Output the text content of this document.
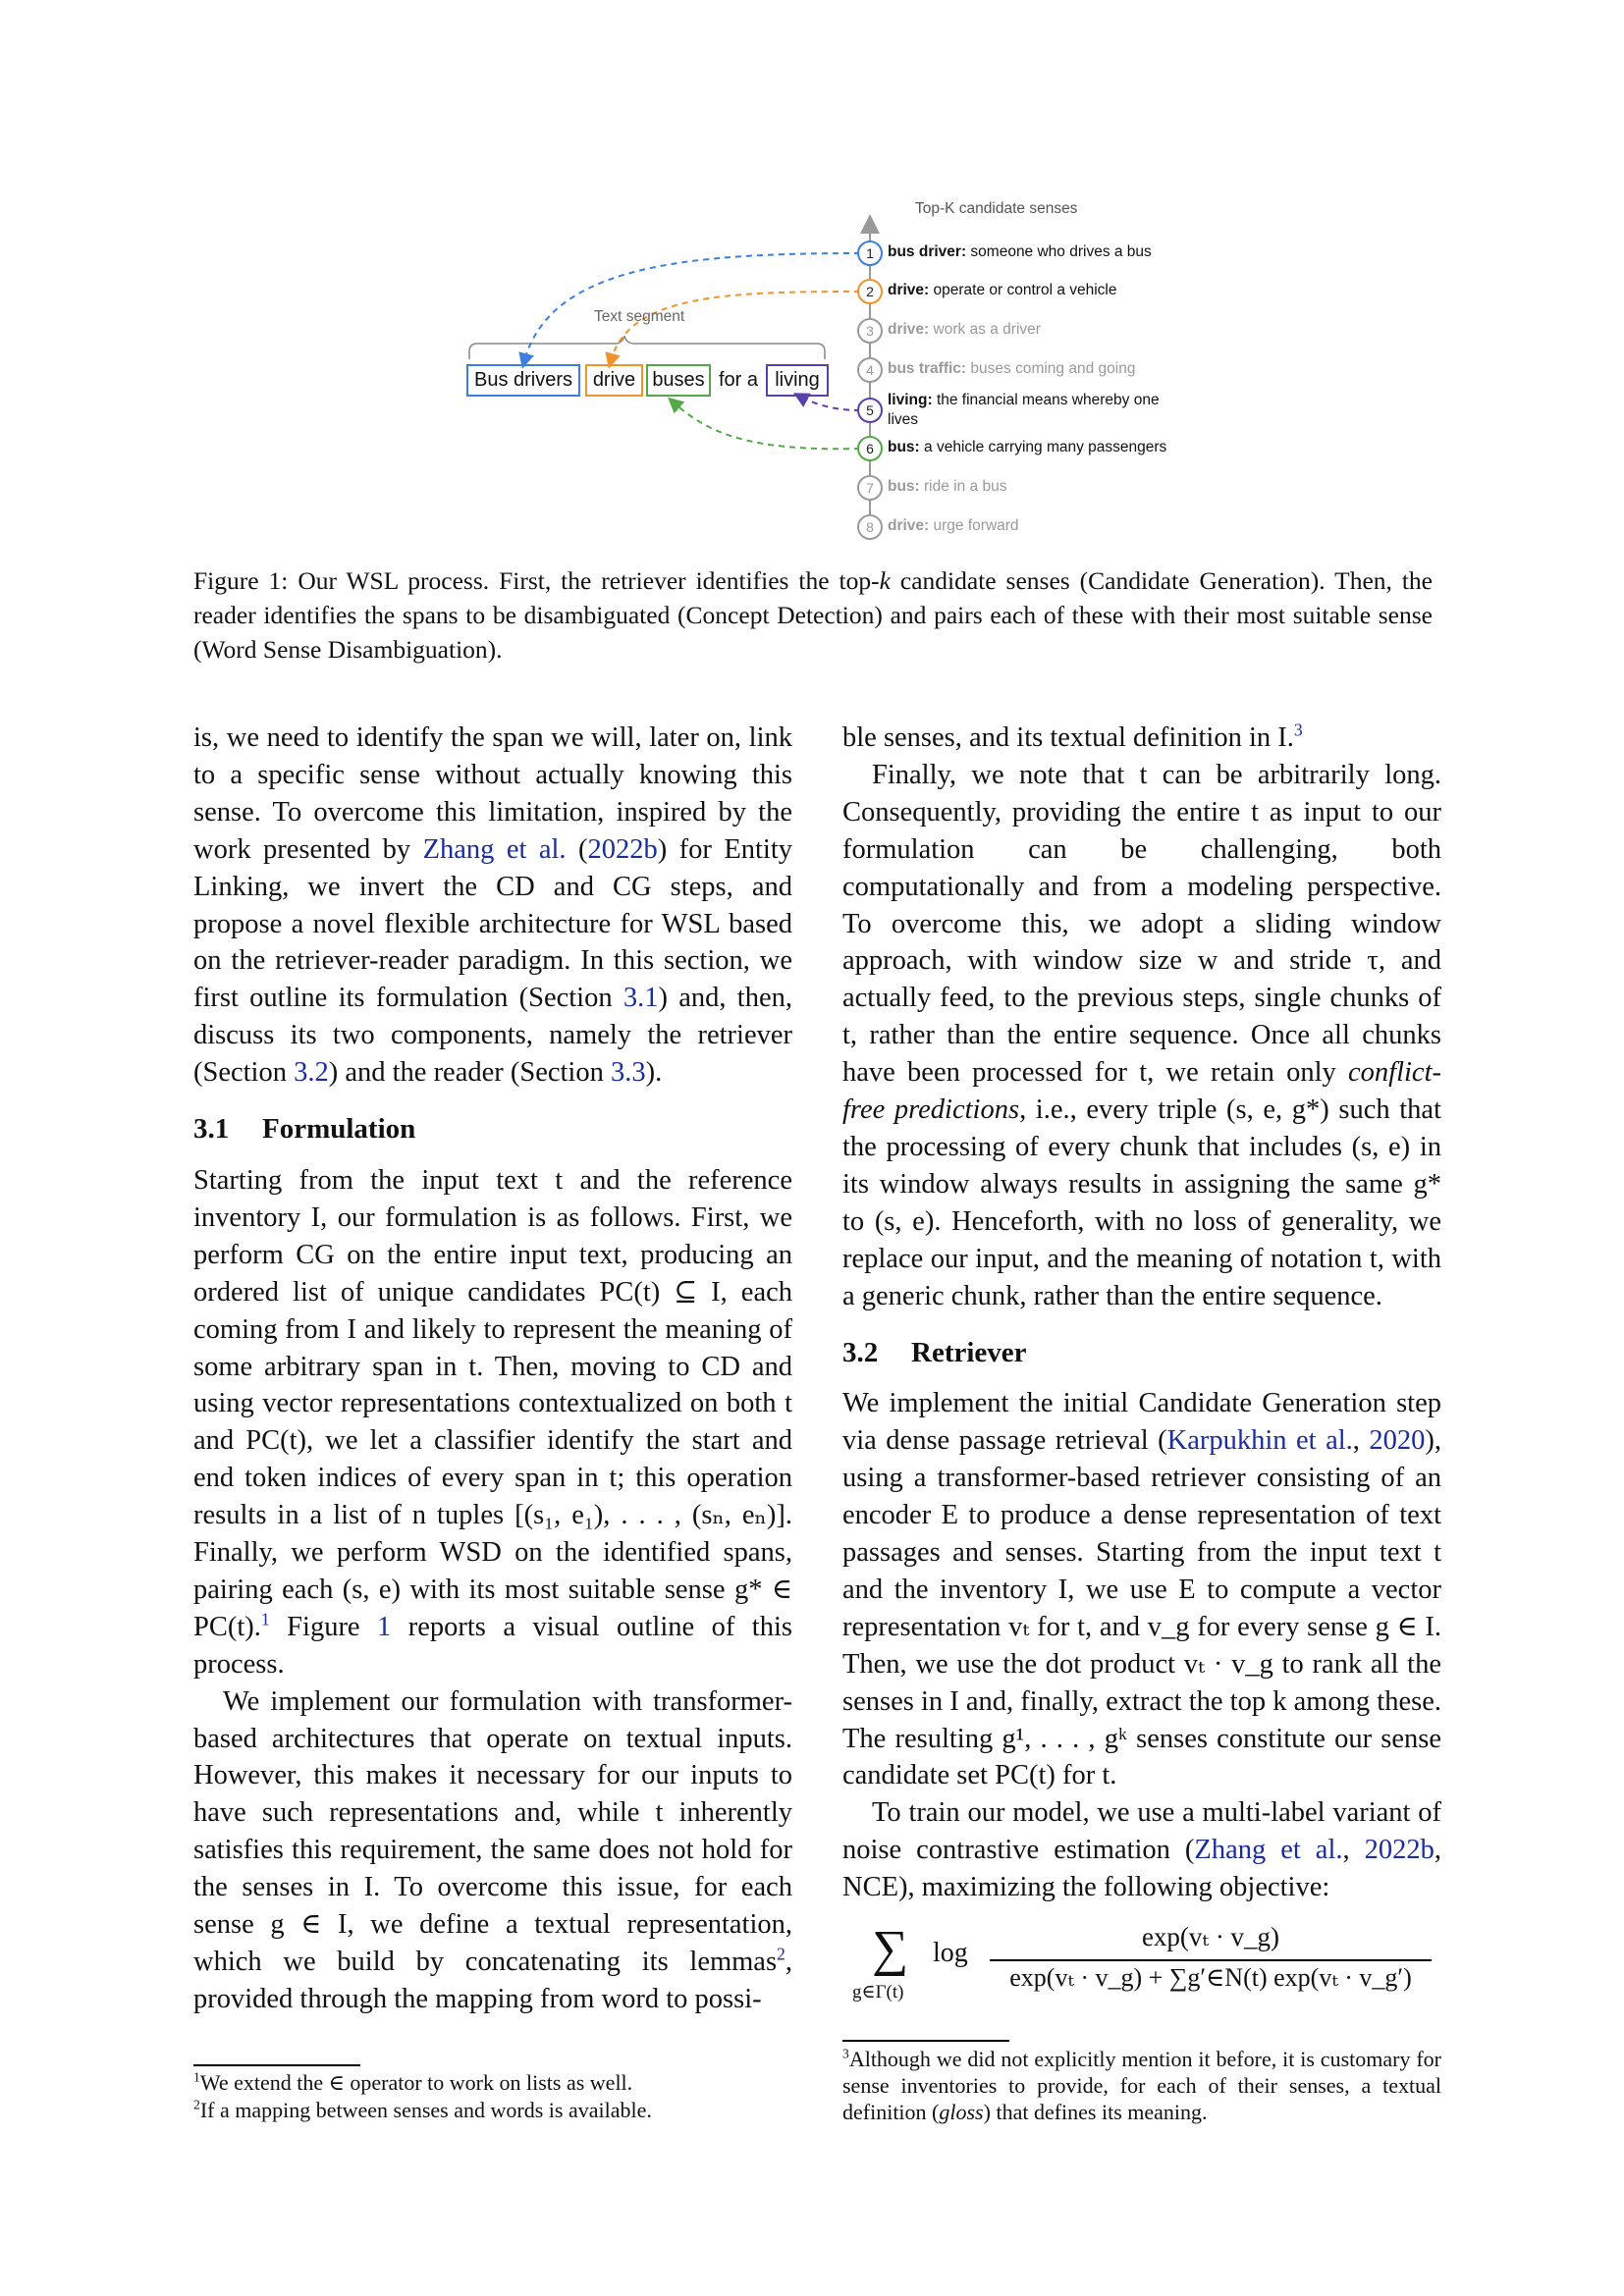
Top-K candidate senses
Text segment
Bus drivers	drive buses for a living
1 bus driver: someone who drives a bus
2 drive: operate or control a vehicle
3 drive: work as a driver
4 bus traffic: buses coming and going
5
living: the financial means whereby one
lives
6 bus: a vehicle carrying many passengers
7 bus: ride in a bus
8 drive: urge forward
Figure 1: Our WSL process. First, the retriever identifies the top-k candidate senses (Candidate Generation). Then, the reader identifies the spans to be disambiguated (Concept Detection) and pairs each of these with their most suitable sense (Word Sense Disambiguation).

is, we need to identify the span we will, later on, link to a specific sense without actually knowing this sense. To overcome this limitation, inspired by the work presented by Zhang et al. (2022b) for Entity Linking, we invert the CD and CG steps, and propose a novel flexible architecture for WSL based on the retriever-reader paradigm. In this section, we first outline its formulation (Section 3.1) and, then, discuss its two components, namely the retriever (Section 3.2) and the reader (Section 3.3).

3.1 Formulation

Starting from the input text t and the reference inventory I, our formulation is as follows. First, we perform CG on the entire input text, producing an ordered list of unique candidates PC(t) ⊆ I, each coming from I and likely to represent the meaning of some arbitrary span in t. Then, moving to CD and using vector representations contextualized on both t and PC(t), we let a classifier identify the start and end token indices of every span in t; this operation results in a list of n tuples [(s₁, e₁), . . . , (sₙ, eₙ)]. Finally, we perform WSD on the identified spans, pairing each (s, e) with its most suitable sense g* ∈ PC(t).$^1$ Figure 1 reports a visual outline of this process.

We implement our formulation with transformer-based architectures that operate on textual inputs. However, this makes it necessary for our inputs to have such representations and, while t inherently satisfies this requirement, the same does not hold for the senses in I. To overcome this issue, for each sense g ∈ I, we define a textual representation, which we build by concatenating its lemmas$^2$, provided through the mapping from word to possi-

$^1$We extend the ∈ operator to work on lists as well.
$^2$If a mapping between senses and words is available.

ble senses, and its textual definition in I.$^3$

Finally, we note that t can be arbitrarily long. Consequently, providing the entire t as input to our formulation can be challenging, both computationally and from a modeling perspective. To overcome this, we adopt a sliding window approach, with window size w and stride τ, and actually feed, to the previous steps, single chunks of t, rather than the entire sequence. Once all chunks have been processed for t, we retain only conflict-free predictions, i.e., every triple (s, e, g*) such that the processing of every chunk that includes (s, e) in its window always results in assigning the same g* to (s, e). Henceforth, with no loss of generality, we replace our input, and the meaning of notation t, with a generic chunk, rather than the entire sequence.

3.2 Retriever

We implement the initial Candidate Generation step via dense passage retrieval (Karpukhin et al., 2020), using a transformer-based retriever consisting of an encoder E to produce a dense representation of text passages and senses. Starting from the input text t and the inventory I, we use E to compute a vector representation vₜ for t, and v_g for every sense g ∈ I. Then, we use the dot product vₜ · v_g to rank all the senses in I and, finally, extract the top k among these. The resulting g¹, . . . , gᵏ senses constitute our sense candidate set PC(t) for t.

To train our model, we use a multi-label variant of noise contrastive estimation (Zhang et al., 2022b, NCE), maximizing the following objective:

∑
g∈Γ(t)
log
exp(vₜ · v_g)
exp(vₜ · v_g) + ∑g′∈N(t) exp(vₜ · v_g′)
$^3$Although we did not explicitly mention it before, it is customary for sense inventories to provide, for each of their senses, a textual definition (gloss) that defines its meaning.
